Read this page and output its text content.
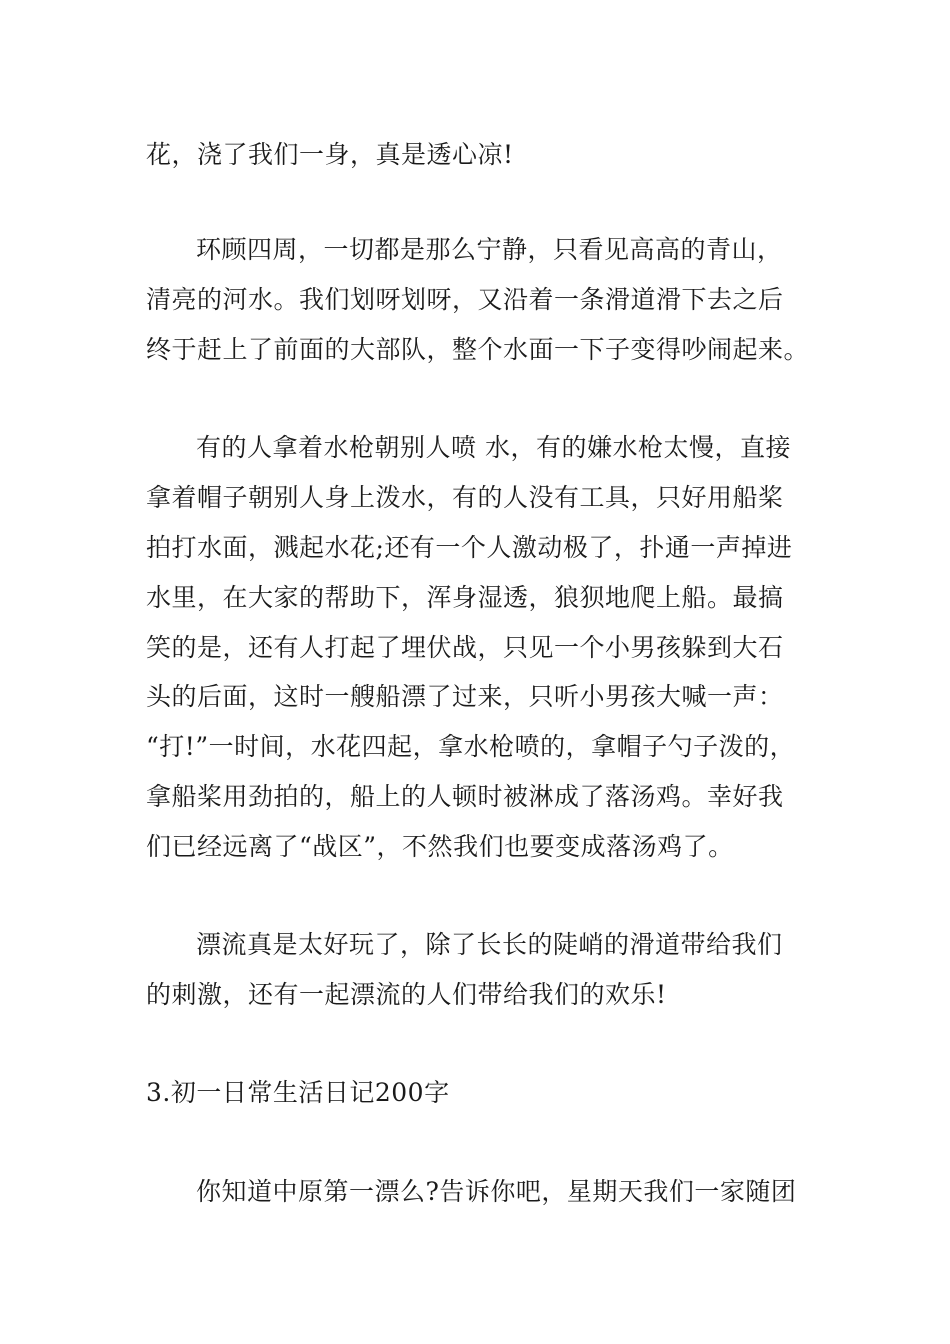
花，浇了我们一身，真是透心凉!
环顾四周，一切都是那么宁静，只看见高高的青山，
清亮的河水。我们划呀划呀，又沿着一条滑道滑下去之后
终于赶上了前面的大部队，整个水面一下子变得吵闹起来。
有的人拿着水枪朝别人喷 水，有的嫌水枪太慢，直接
拿着帽子朝别人身上泼水，有的人没有工具，只好用船桨
拍打水面，溅起水花;还有一个人激动极了，扑通一声掉进
水里，在大家的帮助下，浑身湿透，狼狈地爬上船。最搞
笑的是，还有人打起了埋伏战，只见一个小男孩躲到大石
头的后面，这时一艘船漂了过来，只听小男孩大喊一声：
“打!”一时间，水花四起，拿水枪喷的，拿帽子勺子泼的，
拿船桨用劲拍的，船上的人顿时被淋成了落汤鸡。幸好我
们已经远离了“战区”，不然我们也要变成落汤鸡了。
漂流真是太好玩了，除了长长的陡峭的滑道带给我们
的刺激，还有一起漂流的人们带给我们的欢乐!
3.初一日常生活日记200字
你知道中原第一漂么?告诉你吧，星期天我们一家随团
